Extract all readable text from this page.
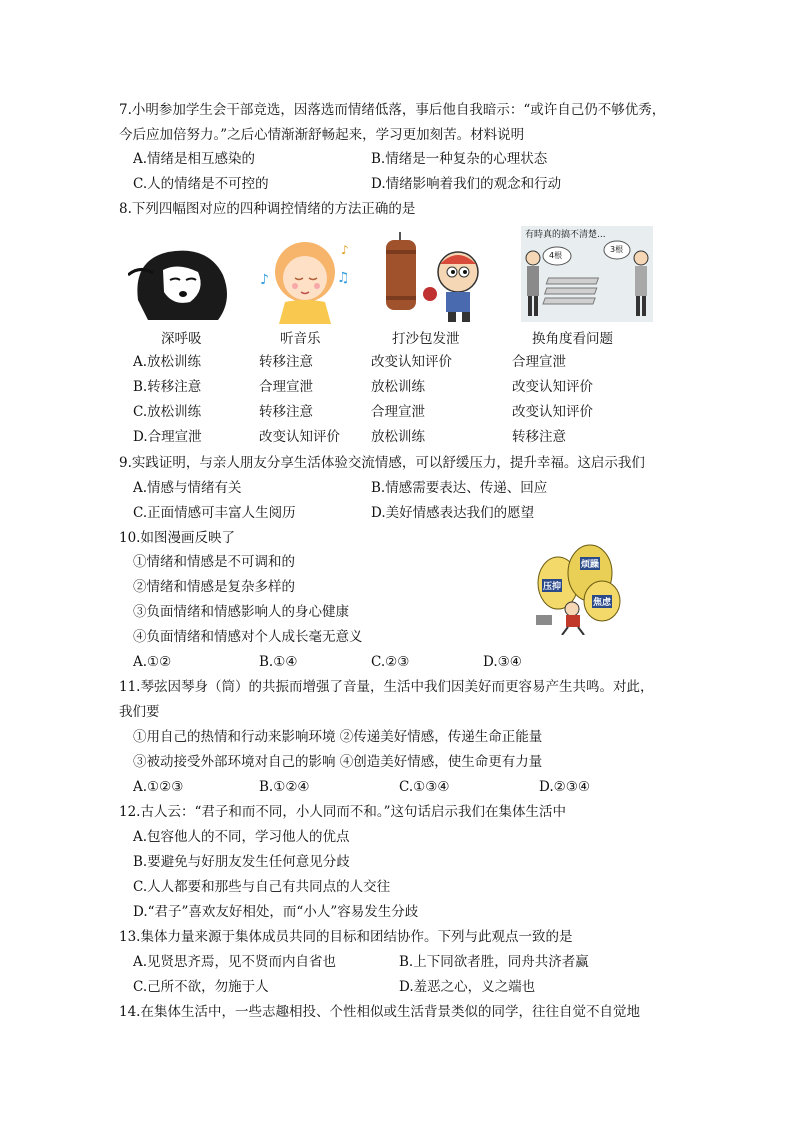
7.小明参加学生会干部竞选，因落选而情绪低落，事后他自我暗示：“或许自己仍不够优秀，
今后应加倍努力。”之后心情渐渐舒畅起来，学习更加刻苦。材料说明
A.情绪是相互感染的	B.情绪是一种复杂的心理状态
C.人的情绪是不可控的	D.情绪影响着我们的观念和行动
8.下列四幅图对应的四种调控情绪的方法正确的是
♪	♫
♪
有時真的搞不清楚...
4根
3根
深呼吸	听音乐	打沙包发泄	换角度看问题
A.放松训练	转移注意	改变认知评价	合理宣泄
B.转移注意	合理宣泄	放松训练	改变认知评价
C.放松训练	转移注意	合理宣泄	改变认知评价
D.合理宣泄	改变认知评价 放松训练	转移注意
9.实践证明，与亲人朋友分享生活体验交流情感，可以舒缓压力，提升幸福。这启示我们
A.情感与情绪有关	B.情感需要表达、传递、回应
C.正面情感可丰富人生阅历	D.美好情感表达我们的愿望
10.如图漫画反映了
①情绪和情感是不可调和的
②情绪和情感是复杂多样的
③负面情绪和情感影响人的身心健康
④负面情绪和情感对个人成长毫无意义
A.①②	B.①④	C.②③	D.③④
烦躁
压抑
焦虑
11.琴弦因琴身（筒）的共振而增强了音量，生活中我们因美好而更容易产生共鸣。对此，
我们要
①用自己的热情和行动来影响环境 ②传递美好情感，传递生命正能量
③被动接受外部环境对自己的影响 ④创造美好情感，使生命更有力量
A.①②③	B.①②④	C.①③④	D.②③④
12.古人云：“君子和而不同，小人同而不和。”这句话启示我们在集体生活中
A.包容他人的不同，学习他人的优点
B.要避免与好朋友发生任何意见分歧
C.人人都要和那些与自己有共同点的人交往
D.“君子”喜欢友好相处，而“小人”容易发生分歧
13.集体力量来源于集体成员共同的目标和团结协作。下列与此观点一致的是
A.见贤思齐焉，见不贤而内自省也	B.上下同欲者胜，同舟共济者赢
C.己所不欲，勿施于人	D.羞恶之心，义之端也
14.在集体生活中，一些志趣相投、个性相似或生活背景类似的同学，往往自觉不自觉地
